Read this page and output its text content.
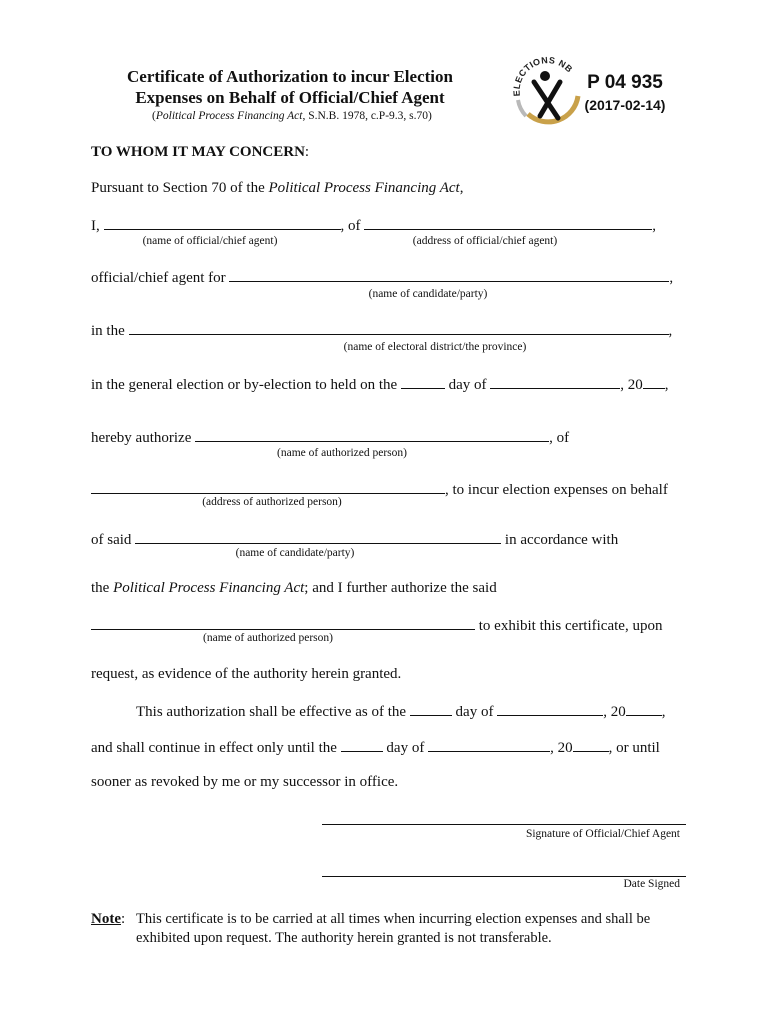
Certificate of Authorization to incur Election
Expenses on Behalf of Official/Chief Agent
(Political Process Financing Act, S.N.B. 1978, c.P-9.3, s.70)
ELECTIONS NB
P 04 935
(2017-02-14)
TO WHOM IT MAY CONCERN:
Pursuant to Section 70 of the Political Process Financing Act,
I,	, of	,
(name of official/chief agent)	(address of official/chief agent)
official/chief agent for	,
(name of candidate/party)
in the	,
(name of electoral district/the province)
in the general election or by-election to held on the	day of	, 20 ,
hereby authorize	, of
(name of authorized person)
, to incur election expenses on behalf
(address of authorized person)
of said	in accordance with
(name of candidate/party)
the Political Process Financing Act; and I further authorize the said
to exhibit this certificate, upon
(name of authorized person)
request, as evidence of the authority herein granted.
This authorization shall be effective as of the	day of	, 20 ,
and shall continue in effect only until the	day of	, 20 , or until
sooner as revoked by me or my successor in office.
Signature of Official/Chief Agent
Date Signed
Note: This certificate is to be carried at all times when incurring election expenses and shall be
exhibited upon request. The authority herein granted is not transferable.
